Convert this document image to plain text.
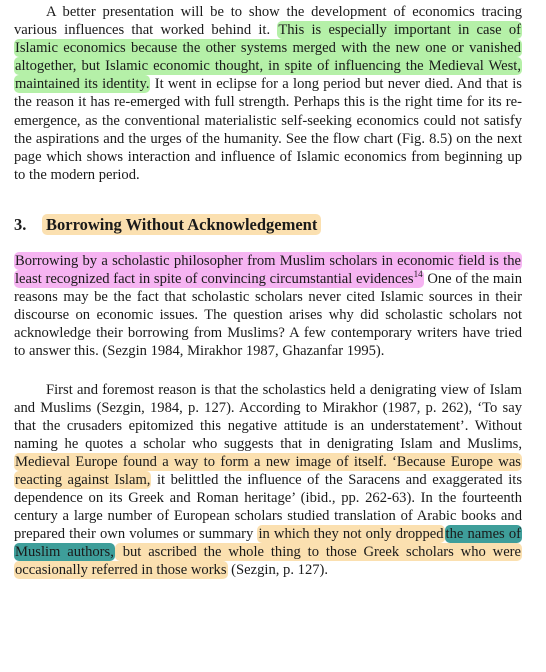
A better presentation will be to show the development of economics tracing various influences that worked behind it. This is especially important in case of Islamic economics because the other systems merged with the new one or vanished altogether, but Islamic economic thought, in spite of influencing the Medieval West, maintained its identity. It went in eclipse for a long period but never died. And that is the reason it has re-emerged with full strength. Perhaps this is the right time for its re-emergence, as the conventional materialistic self-seeking economics could not satisfy the aspirations and the urges of the humanity. See the flow chart (Fig. 8.5) on the next page which shows interaction and influence of Islamic economics from beginning up to the modern period.

3. Borrowing Without Acknowledgement

Borrowing by a scholastic philosopher from Muslim scholars in economic field is the least recognized fact in spite of convincing circumstantial evidences$^{14}$ One of the main reasons may be the fact that scholastic scholars never cited Islamic sources in their discourse on economic issues. The question arises why did scholastic scholars not acknowledge their borrowing from Muslims? A few contemporary writers have tried to answer this. (Sezgin 1984, Mirakhor 1987, Ghazanfar 1995).

First and foremost reason is that the scholastics held a denigrating view of Islam and Muslims (Sezgin, 1984, p. 127). According to Mirakhor (1987, p. 262), ‘To say that the crusaders epitomized this negative attitude is an understatement’. Without naming he quotes a scholar who suggests that in denigrating Islam and Muslims, Medieval Europe found a way to form a new image of itself. ‘Because Europe was reacting against Islam, it belittled the influence of the Saracens and exaggerated its dependence on its Greek and Roman heritage’ (ibid., pp. 262-63). In the fourteenth century a large number of European scholars studied translation of Arabic books and prepared their own volumes or summary in which they not only dropped the names of Muslim authors, but ascribed the whole thing to those Greek scholars who were occasionally referred in those works (Sezgin, p. 127).
